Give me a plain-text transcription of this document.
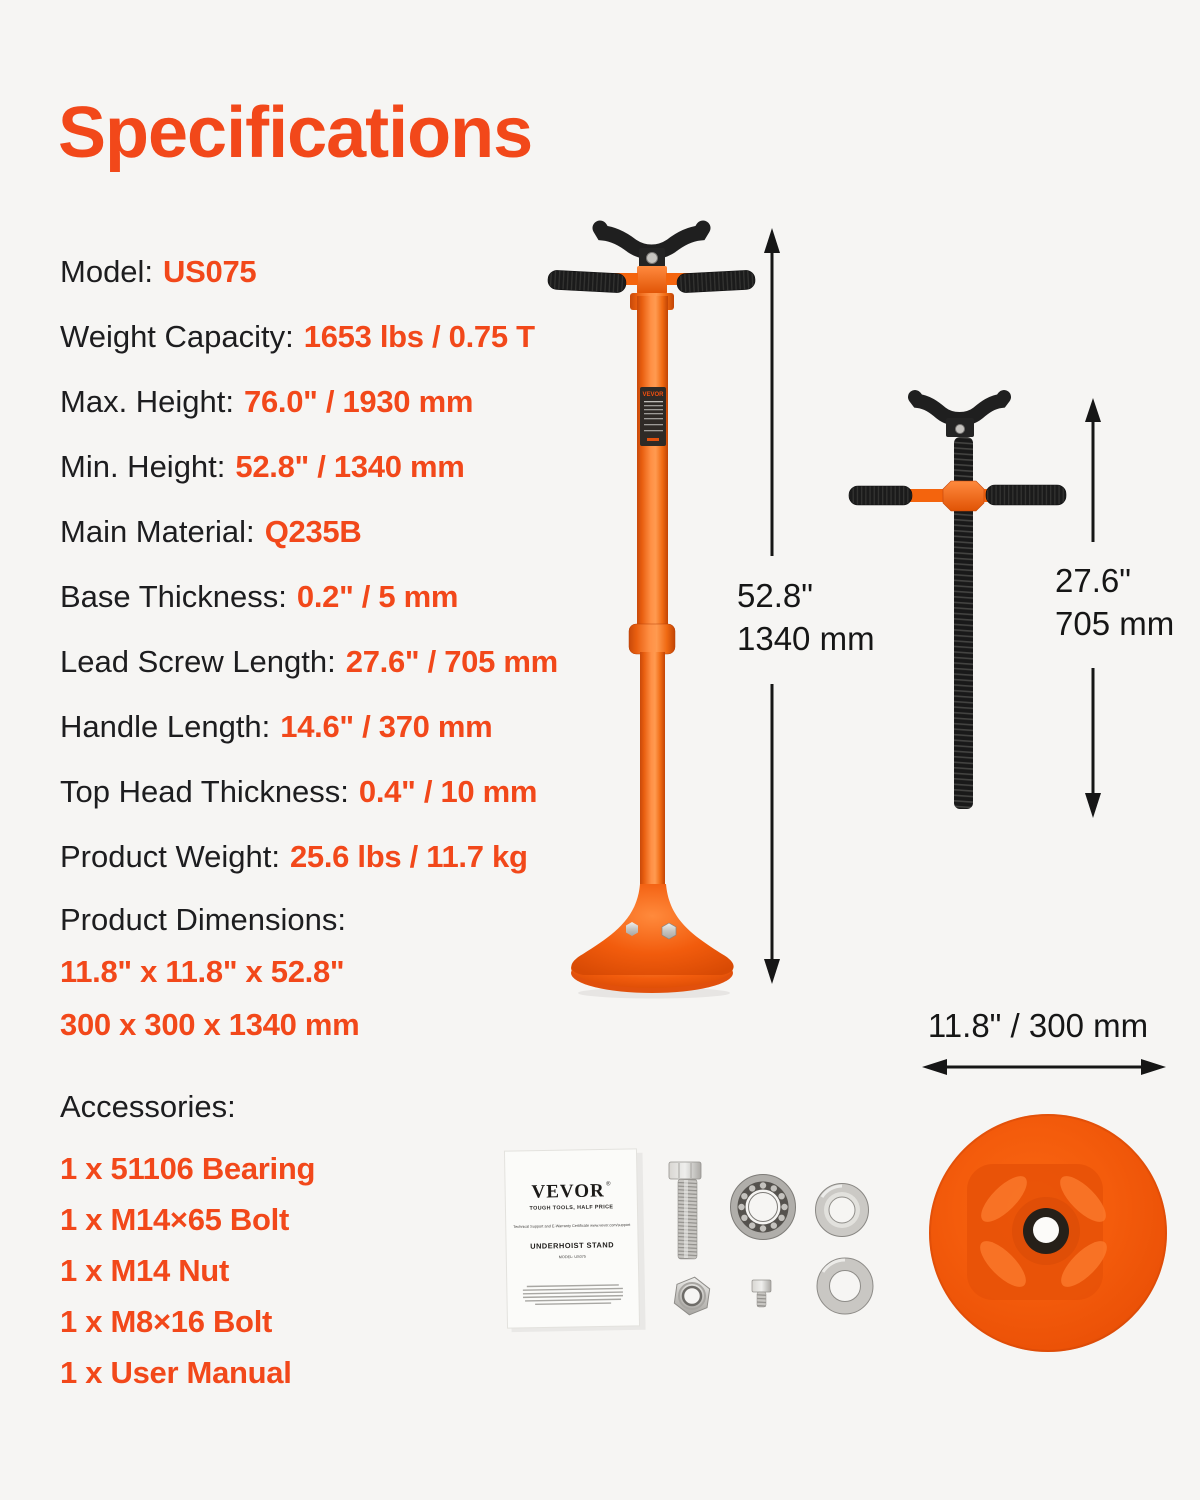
Specifications
Model: US075
Weight Capacity: 1653 lbs / 0.75 T
Max. Height: 76.0" / 1930 mm
Min. Height: 52.8" / 1340 mm
Main Material: Q235B
Base Thickness: 0.2" / 5 mm
Lead Screw Length: 27.6" / 705 mm
Handle Length: 14.6" / 370 mm
Top Head Thickness: 0.4" / 10 mm
Product Weight: 25.6 lbs / 11.7 kg
Product Dimensions:
11.8" x 11.8" x 52.8"
300 x 300 x 1340 mm
Accessories:
1 x 51106 Bearing
1 x M14×65 Bolt
1 x M14 Nut
1 x M8×16 Bolt
1 x User Manual
VEVOR
52.8"
1340 mm
27.6"
705 mm
11.8" / 300 mm
VEVOR ®
TOUGH TOOLS, HALF PRICE
Technical Support and E-Warranty Certificate www.vevor.com/support
UNDERHOIST STAND
MODEL: US075
